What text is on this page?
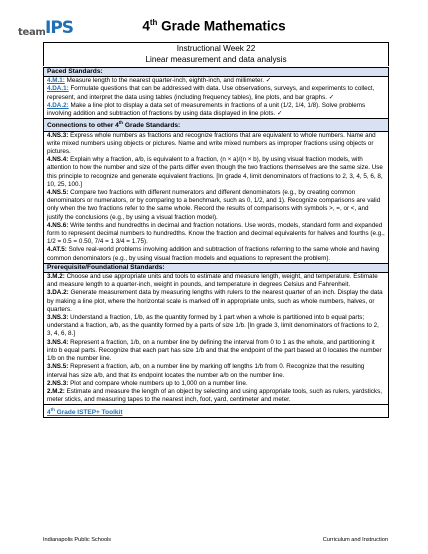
team IPS	4th Grade Mathematics
Instructional Week 22
Linear measurement and data analysis
Paced Standards:
4.M.1: Measure length to the nearest quarter-inch, eighth-inch, and millimeter. ✓
4.DA.1: Formulate questions that can be addressed with data. Use observations, surveys, and experiments to collect, represent, and interpret the data using tables (including frequency tables), line plots, and bar graphs. ✓
4.DA.2: Make a line plot to display a data set of measurements in fractions of a unit (1/2, 1/4, 1/8). Solve problems involving addition and subtraction of fractions by using data displayed in line plots. ✓
Connections to other 4th Grade Standards:
4.NS.3: Express whole numbers as fractions and recognize fractions that are equivalent to whole numbers. Name and write mixed numbers using objects or pictures. Name and write mixed numbers as improper fractions using objects or pictures.
4.NS.4: Explain why a fraction, a/b, is equivalent to a fraction, (n × a)/(n × b), by using visual fraction models, with attention to how the number and size of the parts differ even though the two fractions themselves are the same size. Use this principle to recognize and generate equivalent fractions. [In grade 4, limit denominators of fractions to 2, 3, 4, 5, 6, 8, 10, 25, 100.]
4.NS.5: Compare two fractions with different numerators and different denominators (e.g., by creating common denominators or numerators, or by comparing to a benchmark, such as 0, 1/2, and 1). Recognize comparisons are valid only when the two fractions refer to the same whole. Record the results of comparisons with symbols >, =, or <, and justify the conclusions (e.g., by using a visual fraction model).
4.NS.6: Write tenths and hundredths in decimal and fraction notations. Use words, models, standard form and expanded form to represent decimal numbers to hundredths. Know the fraction and decimal equivalents for halves and fourths (e.g., 1/2 = 0.5 = 0.50, 7/4 = 1 3/4 = 1.75).
4.AT.5: Solve real-world problems involving addition and subtraction of fractions referring to the same whole and having common denominators (e.g., by using visual fraction models and equations to represent the problem).
Prerequisite/Foundational Standards:
3.M.2: Choose and use appropriate units and tools to estimate and measure length, weight, and temperature. Estimate and measure length to a quarter-inch, weight in pounds, and temperature in degrees Celsius and Fahrenheit.
3.DA.2: Generate measurement data by measuring lengths with rulers to the nearest quarter of an inch. Display the data by making a line plot, where the horizontal scale is marked off in appropriate units, such as whole numbers, halves, or quarters.
3.NS.3: Understand a fraction, 1/b, as the quantity formed by 1 part when a whole is partitioned into b equal parts; understand a fraction, a/b, as the quantity formed by a parts of size 1/b. [In grade 3, limit denominators of fractions to 2, 3, 4, 6, 8.]
3.NS.4: Represent a fraction, 1/b, on a number line by defining the interval from 0 to 1 as the whole, and partitioning it into b equal parts. Recognize that each part has size 1/b and that the endpoint of the part based at 0 locates the number 1/b on the number line.
3.NS.5: Represent a fraction, a/b, on a number line by marking off lengths 1/b from 0. Recognize that the resulting interval has size a/b, and that its endpoint locates the number a/b on the number line.
2.NS.3: Plot and compare whole numbers up to 1,000 on a number line.
2.M.2: Estimate and measure the length of an object by selecting and using appropriate tools, such as rulers, yardsticks, meter sticks, and measuring tapes to the nearest inch, foot, yard, centimeter and meter.
4th Grade ISTEP+ Toolkit
Indianapolis Public Schools	Curriculum and Instruction
